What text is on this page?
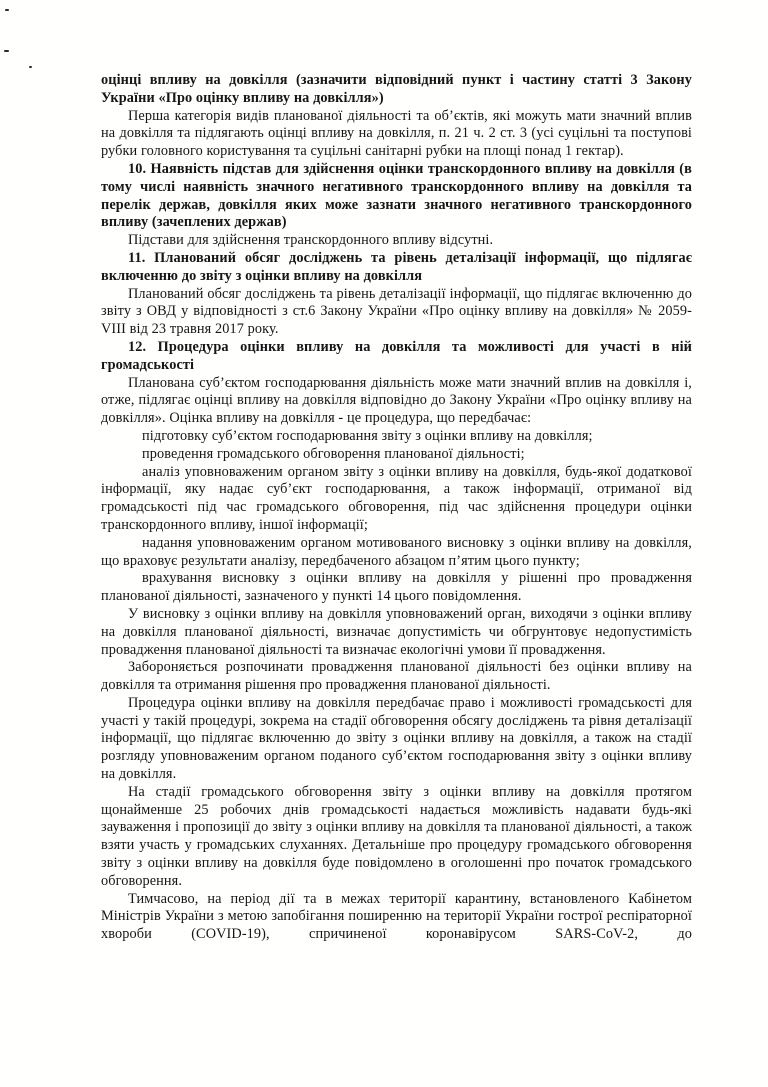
оцінці впливу на довкілля (зазначити відповідний пункт і частину статті 3 Закону України «Про оцінку впливу на довкілля»)

Перша категорія видів планованої діяльності та об’єктів, які можуть мати значний вплив на довкілля та підлягають оцінці впливу на довкілля, п. 21 ч. 2 ст. 3 (усі суцільні та поступові рубки головного користування та суцільні санітарні рубки на площі понад 1 гектар).

10. Наявність підстав для здійснення оцінки транскордонного впливу на довкілля (в тому числі наявність значного негативного транскордонного впливу на довкілля та перелік держав, довкілля яких може зазнати значного негативного транскордонного впливу (зачеплених держав)

Підстави для здійснення транскордонного впливу відсутні.

11. Планований обсяг досліджень та рівень деталізації інформації, що підлягає включенню до звіту з оцінки впливу на довкілля

Планований обсяг досліджень та рівень деталізації інформації, що підлягає включенню до звіту з ОВД у відповідності з ст.6 Закону України «Про оцінку впливу на довкілля» № 2059-VIII від 23 травня 2017 року.

12. Процедура оцінки впливу на довкілля та можливості для участі в ній громадськості

Планована суб’єктом господарювання діяльність може мати значний вплив на довкілля і, отже, підлягає оцінці впливу на довкілля відповідно до Закону України «Про оцінку впливу на довкілля». Оцінка впливу на довкілля - це процедура, що передбачає:

підготовку суб’єктом господарювання звіту з оцінки впливу на довкілля;

проведення громадського обговорення планованої діяльності;

аналіз уповноваженим органом звіту з оцінки впливу на довкілля, будь-якої додаткової інформації, яку надає суб’єкт господарювання, а також інформації, отриманої від громадськості під час громадського обговорення, під час здійснення процедури оцінки транскордонного впливу, іншої інформації;

надання уповноваженим органом мотивованого висновку з оцінки впливу на довкілля, що враховує результати аналізу, передбаченого абзацом п’ятим цього пункту;

врахування висновку з оцінки впливу на довкілля у рішенні про провадження планованої діяльності, зазначеного у пункті 14 цього повідомлення.

У висновку з оцінки впливу на довкілля уповноважений орган, виходячи з оцінки впливу на довкілля планованої діяльності, визначає допустимість чи обгрунтовує недопустимість провадження планованої діяльності та визначає екологічні умови її провадження.

Забороняється розпочинати провадження планованої діяльності без оцінки впливу на довкілля та отримання рішення про провадження планованої діяльності.

Процедура оцінки впливу на довкілля передбачає право і можливості громадськості для участі у такій процедурі, зокрема на стадії обговорення обсягу досліджень та рівня деталізації інформації, що підлягає включенню до звіту з оцінки впливу на довкілля, а також на стадії розгляду уповноваженим органом поданого суб’єктом господарювання звіту з оцінки впливу на довкілля.

На стадії громадського обговорення звіту з оцінки впливу на довкілля протягом щонайменше 25 робочих днів громадськості надається можливість надавати будь-які зауваження і пропозиції до звіту з оцінки впливу на довкілля та планованої діяльності, а також взяти участь у громадських слуханнях. Детальніше про процедуру громадського обговорення звіту з оцінки впливу на довкілля буде повідомлено в оголошенні про початок громадського обговорення.

Тимчасово, на період дії та в межах території карантину, встановленого Кабінетом Міністрів України з метою запобігання поширенню на території України гострої респіраторної хвороби (COVID-19), спричиненої коронавірусом SARS-CoV-2, до
